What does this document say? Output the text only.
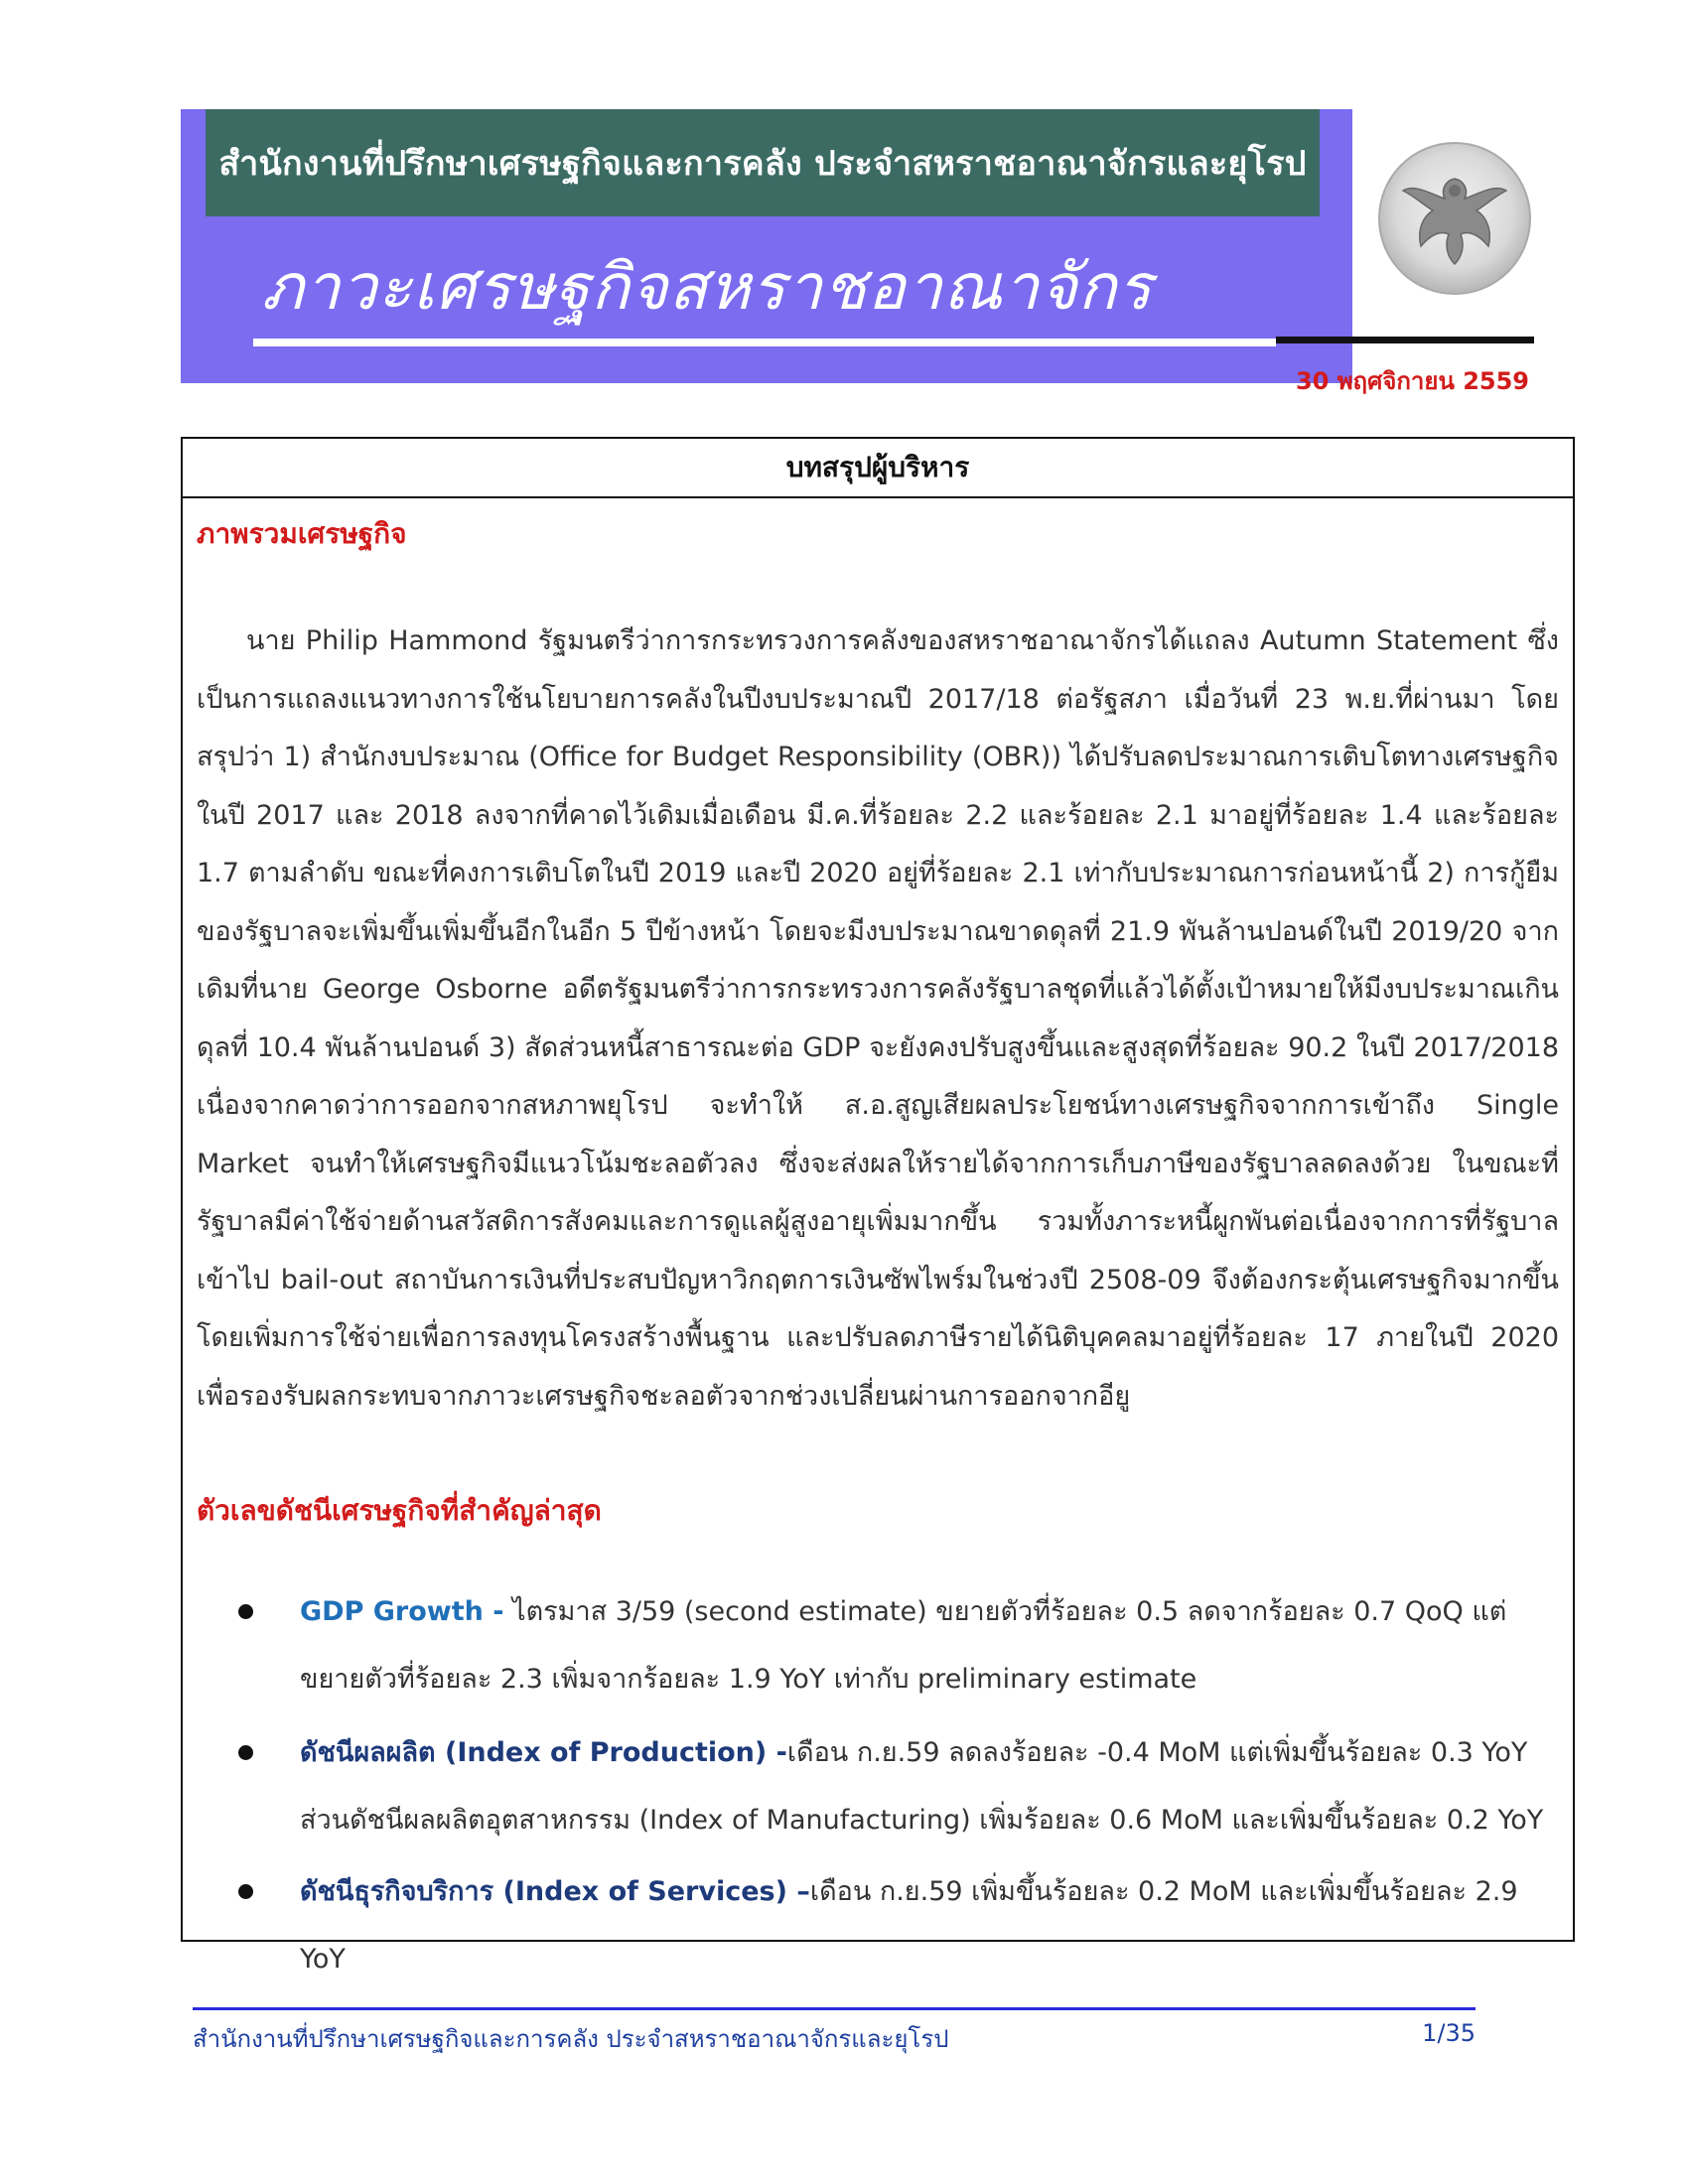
สำนักงานที่ปรึกษาเศรษฐกิจและการคลัง ประจำสหราชอาณาจักรและยุโรป
ภาวะเศรษฐกิจสหราชอาณาจักร
30 พฤศจิกายน 2559
บทสรุปผู้บริหาร
ภาพรวมเศรษฐกิจ
นาย Philip Hammond รัฐมนตรีว่าการกระทรวงการคลังของสหราชอาณาจักรได้แถลง Autumn Statement ซึ่งเป็นการแถลงแนวทางการใช้นโยบายการคลังในปีงบประมาณปี 2017/18 ต่อรัฐสภา เมื่อวันที่ 23 พ.ย.ที่ผ่านมา โดยสรุปว่า 1) สำนักงบประมาณ (Office for Budget Responsibility (OBR)) ได้ปรับลดประมาณการเติบโตทางเศรษฐกิจในปี 2017 และ 2018 ลงจากที่คาดไว้เดิมเมื่อเดือน มี.ค.ที่ร้อยละ 2.2 และร้อยละ 2.1 มาอยู่ที่ร้อยละ 1.4 และร้อยละ 1.7 ตามลำดับ ขณะที่คงการเติบโตในปี 2019 และปี 2020 อยู่ที่ร้อยละ 2.1 เท่ากับประมาณการก่อนหน้านี้ 2) การกู้ยืมของรัฐบาลจะเพิ่มขึ้นเพิ่มขึ้นอีกในอีก 5 ปีข้างหน้า โดยจะมีงบประมาณขาดดุลที่ 21.9 พันล้านปอนด์ในปี 2019/20 จากเดิมที่นาย George Osborne อดีตรัฐมนตรีว่าการกระทรวงการคลังรัฐบาลชุดที่แล้วได้ตั้งเป้าหมายให้มีงบประมาณเกินดุลที่ 10.4 พันล้านปอนด์ 3) สัดส่วนหนี้สาธารณะต่อ GDP จะยังคงปรับสูงขึ้นและสูงสุดที่ร้อยละ 90.2 ในปี 2017/2018 เนื่องจากคาดว่าการออกจากสหภาพยุโรป จะทำให้ ส.อ.สูญเสียผลประโยชน์ทางเศรษฐกิจจากการเข้าถึง Single Market จนทำให้เศรษฐกิจมีแนวโน้มชะลอตัวลง ซึ่งจะส่งผลให้รายได้จากการเก็บภาษีของรัฐบาลลดลงด้วย ในขณะที่รัฐบาลมีค่าใช้จ่ายด้านสวัสดิการสังคมและการดูแลผู้สูงอายุเพิ่มมากขึ้น รวมทั้งภาระหนี้ผูกพันต่อเนื่องจากการที่รัฐบาลเข้าไป bail-out สถาบันการเงินที่ประสบปัญหาวิกฤตการเงินซัพไพร์มในช่วงปี 2508-09 จึงต้องกระตุ้นเศรษฐกิจมากขึ้น โดยเพิ่มการใช้จ่ายเพื่อการลงทุนโครงสร้างพื้นฐาน และปรับลดภาษีรายได้นิติบุคคลมาอยู่ที่ร้อยละ 17 ภายในปี 2020 เพื่อรองรับผลกระทบจากภาวะเศรษฐกิจชะลอตัวจากช่วงเปลี่ยนผ่านการออกจากอียู
ตัวเลขดัชนีเศรษฐกิจที่สำคัญล่าสุด
GDP Growth - ไตรมาส 3/59 (second estimate) ขยายตัวที่ร้อยละ 0.5 ลดจากร้อยละ 0.7 QoQ แต่ขยายตัวที่ร้อยละ 2.3 เพิ่มจากร้อยละ 1.9 YoY เท่ากับ preliminary estimate
ดัชนีผลผลิต (Index of Production) -เดือน ก.ย.59 ลดลงร้อยละ -0.4 MoM แต่เพิ่มขึ้นร้อยละ 0.3 YoY ส่วนดัชนีผลผลิตอุตสาหกรรม (Index of Manufacturing) เพิ่มร้อยละ 0.6 MoM และเพิ่มขึ้นร้อยละ 0.2 YoY
ดัชนีธุรกิจบริการ (Index of Services) –เดือน ก.ย.59 เพิ่มขึ้นร้อยละ 0.2 MoM และเพิ่มขึ้นร้อยละ 2.9 YoY
สำนักงานที่ปรึกษาเศรษฐกิจและการคลัง ประจำสหราชอาณาจักรและยุโรป	1/35
